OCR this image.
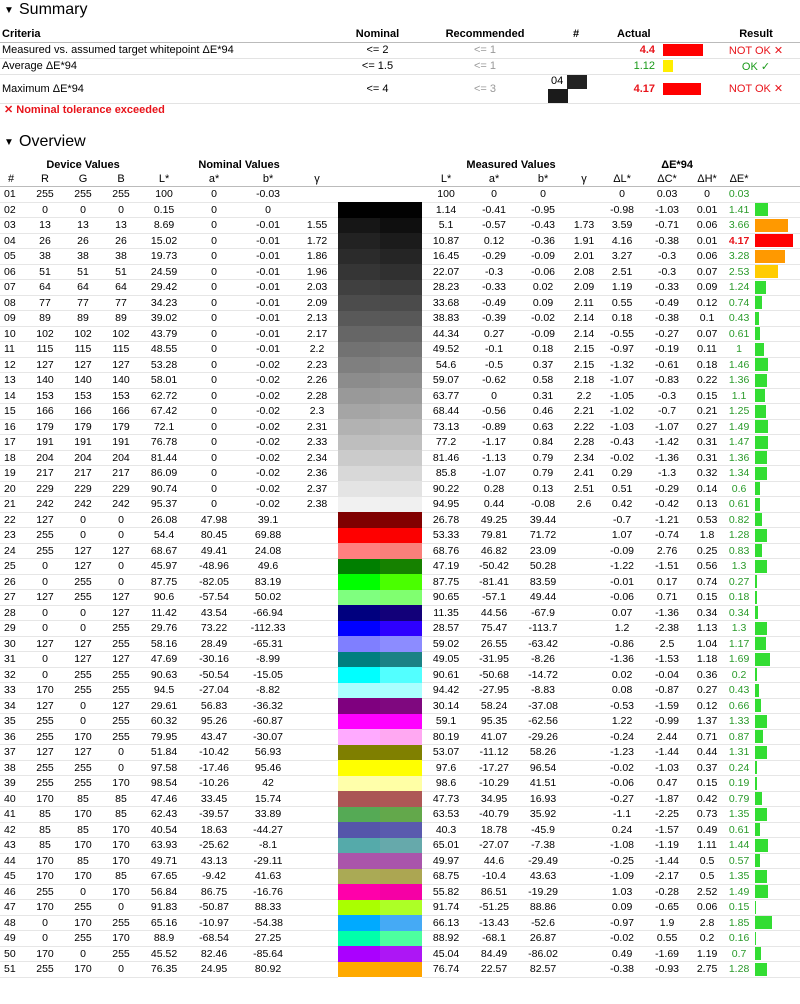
▼ Summary
Criteria	Nominal	Recommended	#	Actual		Result
Measured vs. assumed target whitepoint ΔE*94	<= 2	<= 1		4.4		NOT OK ✕
Average ΔE*94	<= 1.5	<= 1		1.12		OK ✓
Maximum ΔE*94	<= 4	<= 3	04	4.17		NOT OK ✕
✕ Nominal tolerance exceeded
▼ Overview
	Device Values			Nominal Values						Measured Values				ΔE*94				
#	R	G	B	L*	a*	b*	γ			L*	a*	b*	γ	ΔL*	ΔC*	ΔH*	ΔE*	
01	255	255	255	100	0	-0.03				100	0	0		0	0.03	0	0.03	
02	0	0	0	0.15	0	0				1.14	-0.41	-0.95		-0.98	-1.03	0.01	1.41	
03	13	13	13	8.69	0	-0.01	1.55			5.1	-0.57	-0.43	1.73	3.59	-0.71	0.06	3.66	
04	26	26	26	15.02	0	-0.01	1.72			10.87	0.12	-0.36	1.91	4.16	-0.38	0.01	4.17	
05	38	38	38	19.73	0	-0.01	1.86			16.45	-0.29	-0.09	2.01	3.27	-0.3	0.06	3.28	
06	51	51	51	24.59	0	-0.01	1.96			22.07	-0.3	-0.06	2.08	2.51	-0.3	0.07	2.53	
07	64	64	64	29.42	0	-0.01	2.03			28.23	-0.33	0.02	2.09	1.19	-0.33	0.09	1.24	
08	77	77	77	34.23	0	-0.01	2.09			33.68	-0.49	0.09	2.11	0.55	-0.49	0.12	0.74	
09	89	89	89	39.02	0	-0.01	2.13			38.83	-0.39	-0.02	2.14	0.18	-0.38	0.1	0.43	
10	102	102	102	43.79	0	-0.01	2.17			44.34	0.27	-0.09	2.14	-0.55	-0.27	0.07	0.61	
11	115	115	115	48.55	0	-0.01	2.2			49.52	-0.1	0.18	2.15	-0.97	-0.19	0.11	1	
12	127	127	127	53.28	0	-0.02	2.23			54.6	-0.5	0.37	2.15	-1.32	-0.61	0.18	1.46	
13	140	140	140	58.01	0	-0.02	2.26			59.07	-0.62	0.58	2.18	-1.07	-0.83	0.22	1.36	
14	153	153	153	62.72	0	-0.02	2.28			63.77	0	0.31	2.2	-1.05	-0.3	0.15	1.1	
15	166	166	166	67.42	0	-0.02	2.3			68.44	-0.56	0.46	2.21	-1.02	-0.7	0.21	1.25	
16	179	179	179	72.1	0	-0.02	2.31			73.13	-0.89	0.63	2.22	-1.03	-1.07	0.27	1.49	
17	191	191	191	76.78	0	-0.02	2.33			77.2	-1.17	0.84	2.28	-0.43	-1.42	0.31	1.47	
18	204	204	204	81.44	0	-0.02	2.34			81.46	-1.13	0.79	2.34	-0.02	-1.36	0.31	1.36	
19	217	217	217	86.09	0	-0.02	2.36			85.8	-1.07	0.79	2.41	0.29	-1.3	0.32	1.34	
20	229	229	229	90.74	0	-0.02	2.37			90.22	0.28	0.13	2.51	0.51	-0.29	0.14	0.6	
21	242	242	242	95.37	0	-0.02	2.38			94.95	0.44	-0.08	2.6	0.42	-0.42	0.13	0.61	
22	127	0	0	26.08	47.98	39.1				26.78	49.25	39.44		-0.7	-1.21	0.53	0.82	
23	255	0	0	54.4	80.45	69.88				53.33	79.81	71.72		1.07	-0.74	1.8	1.28	
24	255	127	127	68.67	49.41	24.08				68.76	46.82	23.09		-0.09	2.76	0.25	0.83	
25	0	127	0	45.97	-48.96	49.6				47.19	-50.42	50.28		-1.22	-1.51	0.56	1.3	
26	0	255	0	87.75	-82.05	83.19				87.75	-81.41	83.59		-0.01	0.17	0.74	0.27	
27	127	255	127	90.6	-57.54	50.02				90.65	-57.1	49.44		-0.06	0.71	0.15	0.18	
28	0	0	127	11.42	43.54	-66.94				11.35	44.56	-67.9		0.07	-1.36	0.34	0.34	
29	0	0	255	29.76	73.22	-112.33				28.57	75.47	-113.7		1.2	-2.38	1.13	1.3	
30	127	127	255	58.16	28.49	-65.31				59.02	26.55	-63.42		-0.86	2.5	1.04	1.17	
31	0	127	127	47.69	-30.16	-8.99				49.05	-31.95	-8.26		-1.36	-1.53	1.18	1.69	
32	0	255	255	90.63	-50.54	-15.05				90.61	-50.68	-14.72		0.02	-0.04	0.36	0.2	
33	170	255	255	94.5	-27.04	-8.82				94.42	-27.95	-8.83		0.08	-0.87	0.27	0.43	
34	127	0	127	29.61	56.83	-36.32				30.14	58.24	-37.08		-0.53	-1.59	0.12	0.66	
35	255	0	255	60.32	95.26	-60.87				59.1	95.35	-62.56		1.22	-0.99	1.37	1.33	
36	255	170	255	79.95	43.47	-30.07				80.19	41.07	-29.26		-0.24	2.44	0.71	0.87	
37	127	127	0	51.84	-10.42	56.93				53.07	-11.12	58.26		-1.23	-1.44	0.44	1.31	
38	255	255	0	97.58	-17.46	95.46				97.6	-17.27	96.54		-0.02	-1.03	0.37	0.24	
39	255	255	170	98.54	-10.26	42				98.6	-10.29	41.51		-0.06	0.47	0.15	0.19	
40	170	85	85	47.46	33.45	15.74				47.73	34.95	16.93		-0.27	-1.87	0.42	0.79	
41	85	170	85	62.43	-39.57	33.89				63.53	-40.79	35.92		-1.1	-2.25	0.73	1.35	
42	85	85	170	40.54	18.63	-44.27				40.3	18.78	-45.9		0.24	-1.57	0.49	0.61	
43	85	170	170	63.93	-25.62	-8.1				65.01	-27.07	-7.38		-1.08	-1.19	1.11	1.44	
44	170	85	170	49.71	43.13	-29.11				49.97	44.6	-29.49		-0.25	-1.44	0.5	0.57	
45	170	170	85	67.65	-9.42	41.63				68.75	-10.4	43.63		-1.09	-2.17	0.5	1.35	
46	255	0	170	56.84	86.75	-16.76				55.82	86.51	-19.29		1.03	-0.28	2.52	1.49	
47	170	255	0	91.83	-50.87	88.33				91.74	-51.25	88.86		0.09	-0.65	0.06	0.15	
48	0	170	255	65.16	-10.97	-54.38				66.13	-13.43	-52.6		-0.97	1.9	2.8	1.85	
49	0	255	170	88.9	-68.54	27.25				88.92	-68.1	26.87		-0.02	0.55	0.2	0.16	
50	170	0	255	45.52	82.46	-85.64				45.04	84.49	-86.02		0.49	-1.69	1.19	0.7	
51	255	170	0	76.35	24.95	80.92				76.74	22.57	82.57		-0.38	-0.93	2.75	1.28	
